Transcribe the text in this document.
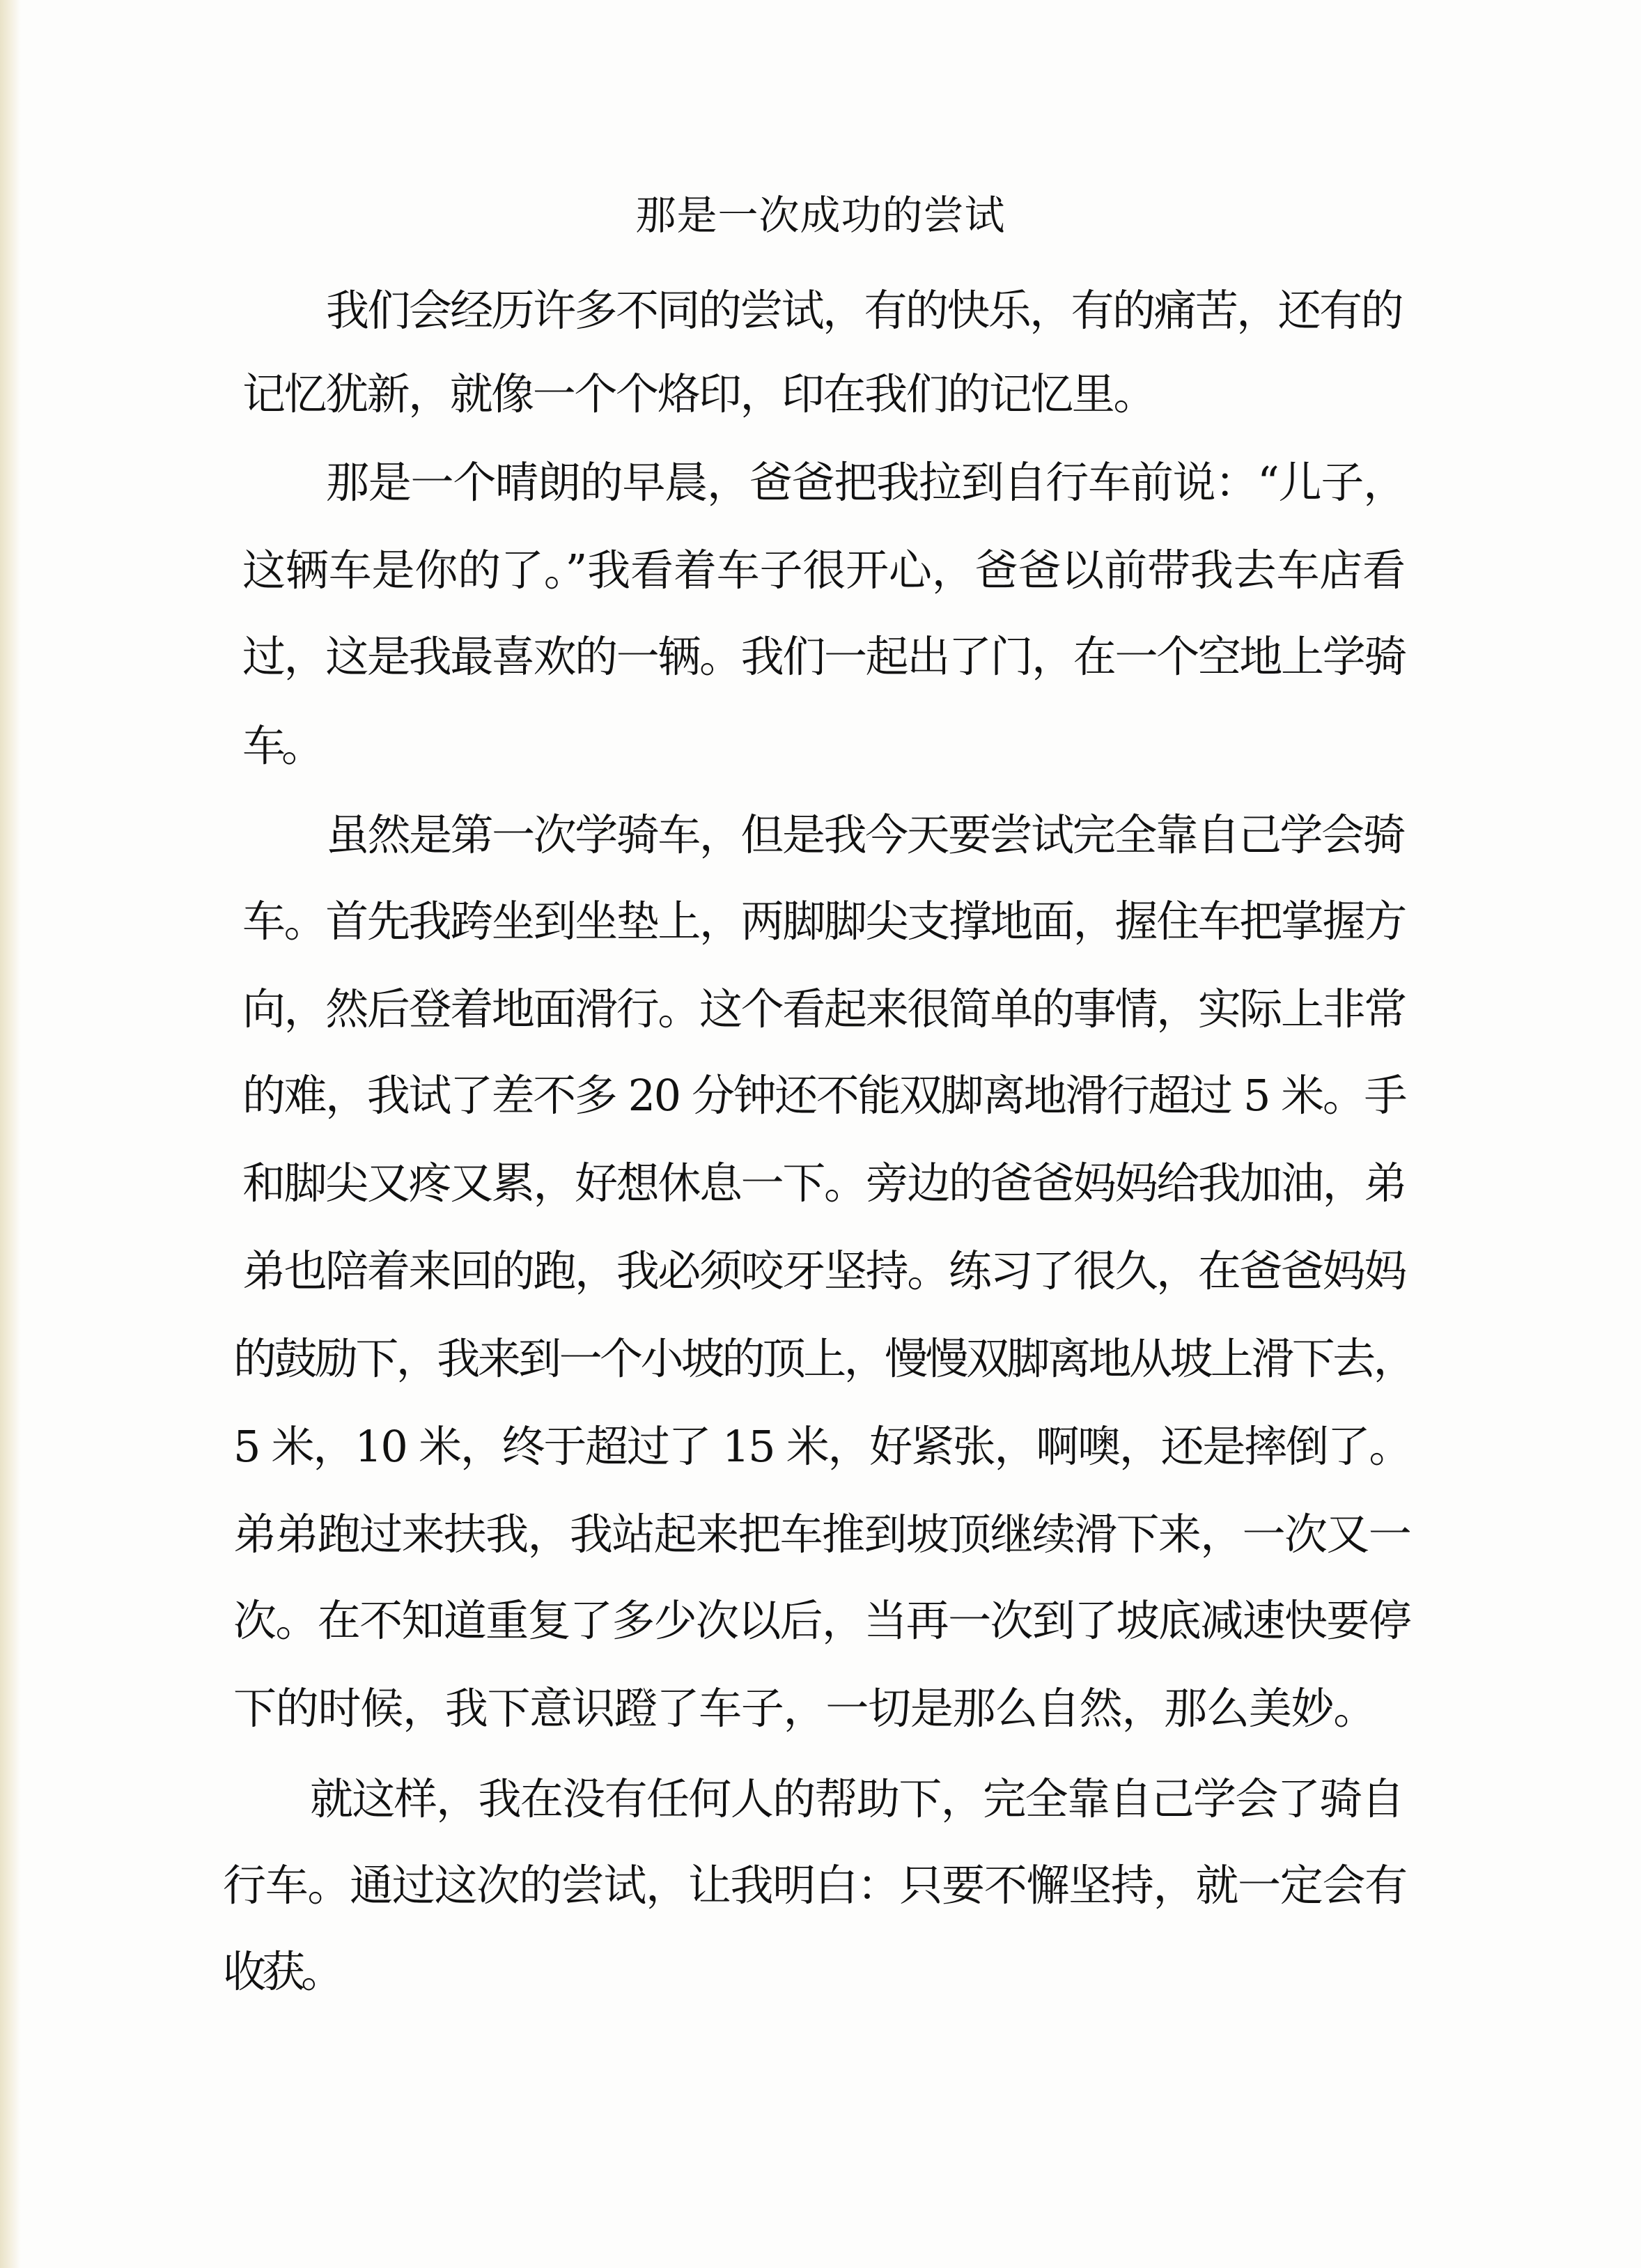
那是一次成功的尝试
我们会经历许多不同的尝试，有的快乐，有的痛苦，还有的
记忆犹新，就像一个个烙印，印在我们的记忆里。
那是一个晴朗的早晨，爸爸把我拉到自行车前说：“儿子，
这辆车是你的了。”我看着车子很开心，爸爸以前带我去车店看
过，这是我最喜欢的一辆。我们一起出了门，在一个空地上学骑
车。
虽然是第一次学骑车，但是我今天要尝试完全靠自己学会骑
车。首先我跨坐到坐垫上，两脚脚尖支撑地面，握住车把掌握方
向，然后登着地面滑行。这个看起来很简单的事情，实际上非常
的难，我试了差不多 20 分钟还不能双脚离地滑行超过 5 米。手
和脚尖又疼又累，好想休息一下。旁边的爸爸妈妈给我加油，弟
弟也陪着来回的跑，我必须咬牙坚持。练习了很久，在爸爸妈妈
的鼓励下，我来到一个小坡的顶上，慢慢双脚离地从坡上滑下去，
5 米，10 米，终于超过了 15 米，好紧张，啊噢，还是摔倒了。
弟弟跑过来扶我，我站起来把车推到坡顶继续滑下来，一次又一
次。在不知道重复了多少次以后，当再一次到了坡底减速快要停
下的时候，我下意识蹬了车子，一切是那么自然，那么美妙。
就这样，我在没有任何人的帮助下，完全靠自己学会了骑自
行车。通过这次的尝试，让我明白：只要不懈坚持，就一定会有
收获。
